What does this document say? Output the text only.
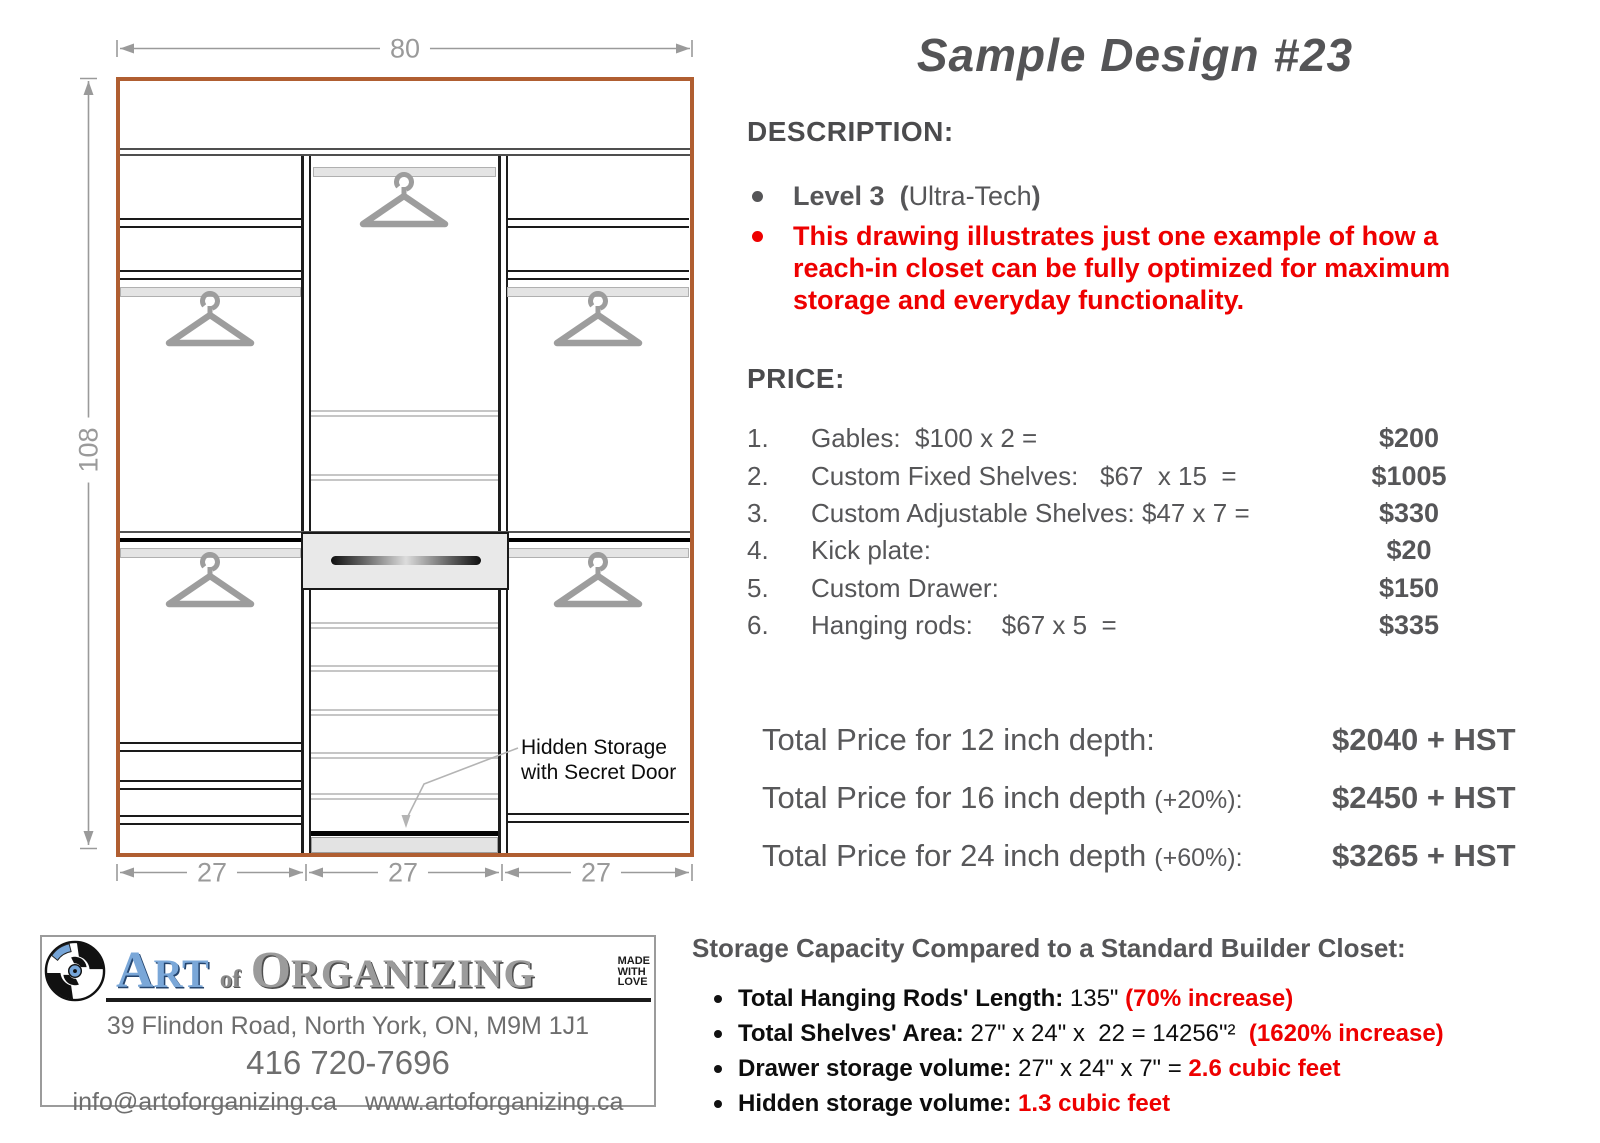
80
108
27	27	27
Hidden Storage
with Secret Door
Sample Design #23
DESCRIPTION:
Level 3  (Ultra-Tech)
This drawing illustrates just one example of how a
reach-in closet can be fully optimized for maximum
storage and everyday functionality.
PRICE:
1.	Gables:  $100 x 2 =	$200
2.	Custom Fixed Shelves:   $67  x 15  =	$1005
3.	Custom Adjustable Shelves: $47 x 7 =	$330
4.	Kick plate:	$20
5.	Custom Drawer:	$150
6.	Hanging rods:    $67 x 5  =	$335
Total Price for 12 inch depth:	$2040 + HST
Total Price for 16 inch depth (+20%):	$2450 + HST
Total Price for 24 inch depth (+60%):	$3265 + HST
Storage Capacity Compared to a Standard Builder Closet:
Total Hanging Rods' Length: 135" (70% increase)
Total Shelves' Area: 27" x 24" x  22 = 14256"²  (1620% increase)
Drawer storage volume: 27" x 24" x 7" = 2.6 cubic feet
Hidden storage volume: 1.3 cubic feet
A RT of O RGANIZING	MADE
WITH
LOVE
39 Flindon Road, North York, ON, M9M 1J1
416 720-7696
info@artoforganizing.ca www.artoforganizing.ca
